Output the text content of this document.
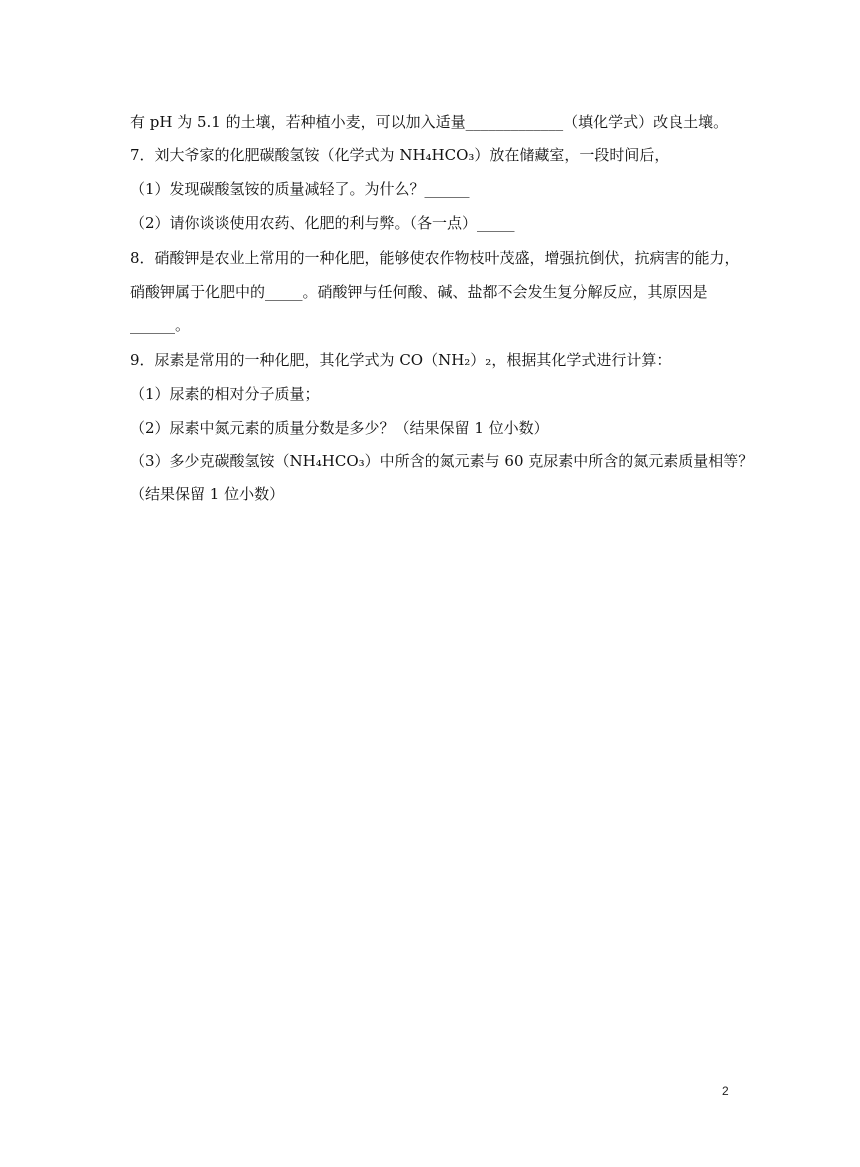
有 pH 为 5.1 的土壤，若种植小麦，可以加入适量_____________（填化学式）改良土壤。
7．刘大爷家的化肥碳酸氢铵（化学式为 NH₄HCO₃）放在储藏室，一段时间后，
（1）发现碳酸氢铵的质量减轻了。为什么？______
（2）请你谈谈使用农药、化肥的利与弊。（各一点）_____
8．硝酸钾是农业上常用的一种化肥，能够使农作物枝叶茂盛，增强抗倒伏，抗病害的能力，
硝酸钾属于化肥中的_____。硝酸钾与任何酸、碱、盐都不会发生复分解反应，其原因是
______。
9．尿素是常用的一种化肥，其化学式为 CO（NH₂）₂，根据其化学式进行计算：
（1）尿素的相对分子质量；
（2）尿素中氮元素的质量分数是多少？（结果保留 1 位小数）
（3）多少克碳酸氢铵（NH₄HCO₃）中所含的氮元素与 60 克尿素中所含的氮元素质量相等？
（结果保留 1 位小数）
2
